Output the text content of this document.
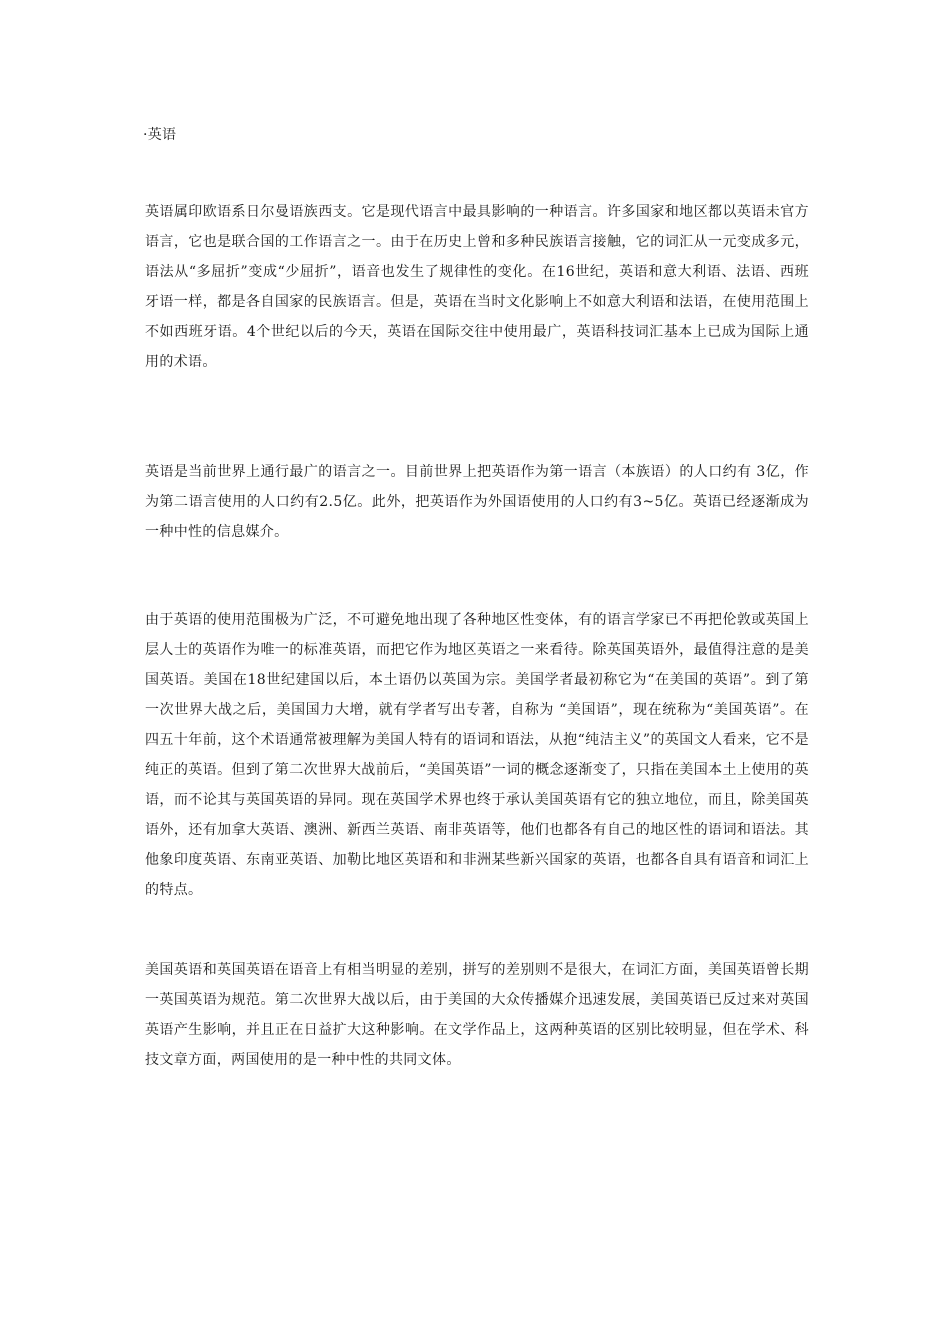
·英语

英语属印欧语系日尔曼语族西支。它是现代语言中最具影响的一种语言。许多国家和地区都以英语未官方语言，它也是联合国的工作语言之一。由于在历史上曾和多种民族语言接触，它的词汇从一元变成多元，语法从“多屈折”变成“少屈折”，语音也发生了规律性的变化。在16世纪，英语和意大利语、法语、西班牙语一样，都是各自国家的民族语言。但是，英语在当时文化影响上不如意大利语和法语，在使用范围上不如西班牙语。4个世纪以后的今天，英语在国际交往中使用最广，英语科技词汇基本上已成为国际上通用的术语。

英语是当前世界上通行最广的语言之一。目前世界上把英语作为第一语言（本族语）的人口约有 3亿，作为第二语言使用的人口约有2.5亿。此外，把英语作为外国语使用的人口约有3~5亿。英语已经逐渐成为一种中性的信息媒介。

由于英语的使用范围极为广泛，不可避免地出现了各种地区性变体，有的语言学家已不再把伦敦或英国上层人士的英语作为唯一的标准英语，而把它作为地区英语之一来看待。除英国英语外，最值得注意的是美国英语。美国在18世纪建国以后，本土语仍以英国为宗。美国学者最初称它为“在美国的英语”。到了第一次世界大战之后，美国国力大增，就有学者写出专著，自称为 “美国语”，现在统称为“美国英语”。在四五十年前，这个术语通常被理解为美国人特有的语词和语法，从抱“纯洁主义”的英国文人看来，它不是纯正的英语。但到了第二次世界大战前后，“美国英语”一词的概念逐渐变了，只指在美国本土上使用的英语，而不论其与英国英语的异同。现在英国学术界也终于承认美国英语有它的独立地位，而且，除美国英语外，还有加拿大英语、澳洲、新西兰英语、南非英语等，他们也都各有自己的地区性的语词和语法。其他象印度英语、东南亚英语、加勒比地区英语和和非洲某些新兴国家的英语，也都各自具有语音和词汇上的特点。

美国英语和英国英语在语音上有相当明显的差别，拼写的差别则不是很大，在词汇方面，美国英语曾长期一英国英语为规范。第二次世界大战以后，由于美国的大众传播媒介迅速发展，美国英语已反过来对英国英语产生影响，并且正在日益扩大这种影响。在文学作品上，这两种英语的区别比较明显，但在学术、科技文章方面，两国使用的是一种中性的共同文体。
